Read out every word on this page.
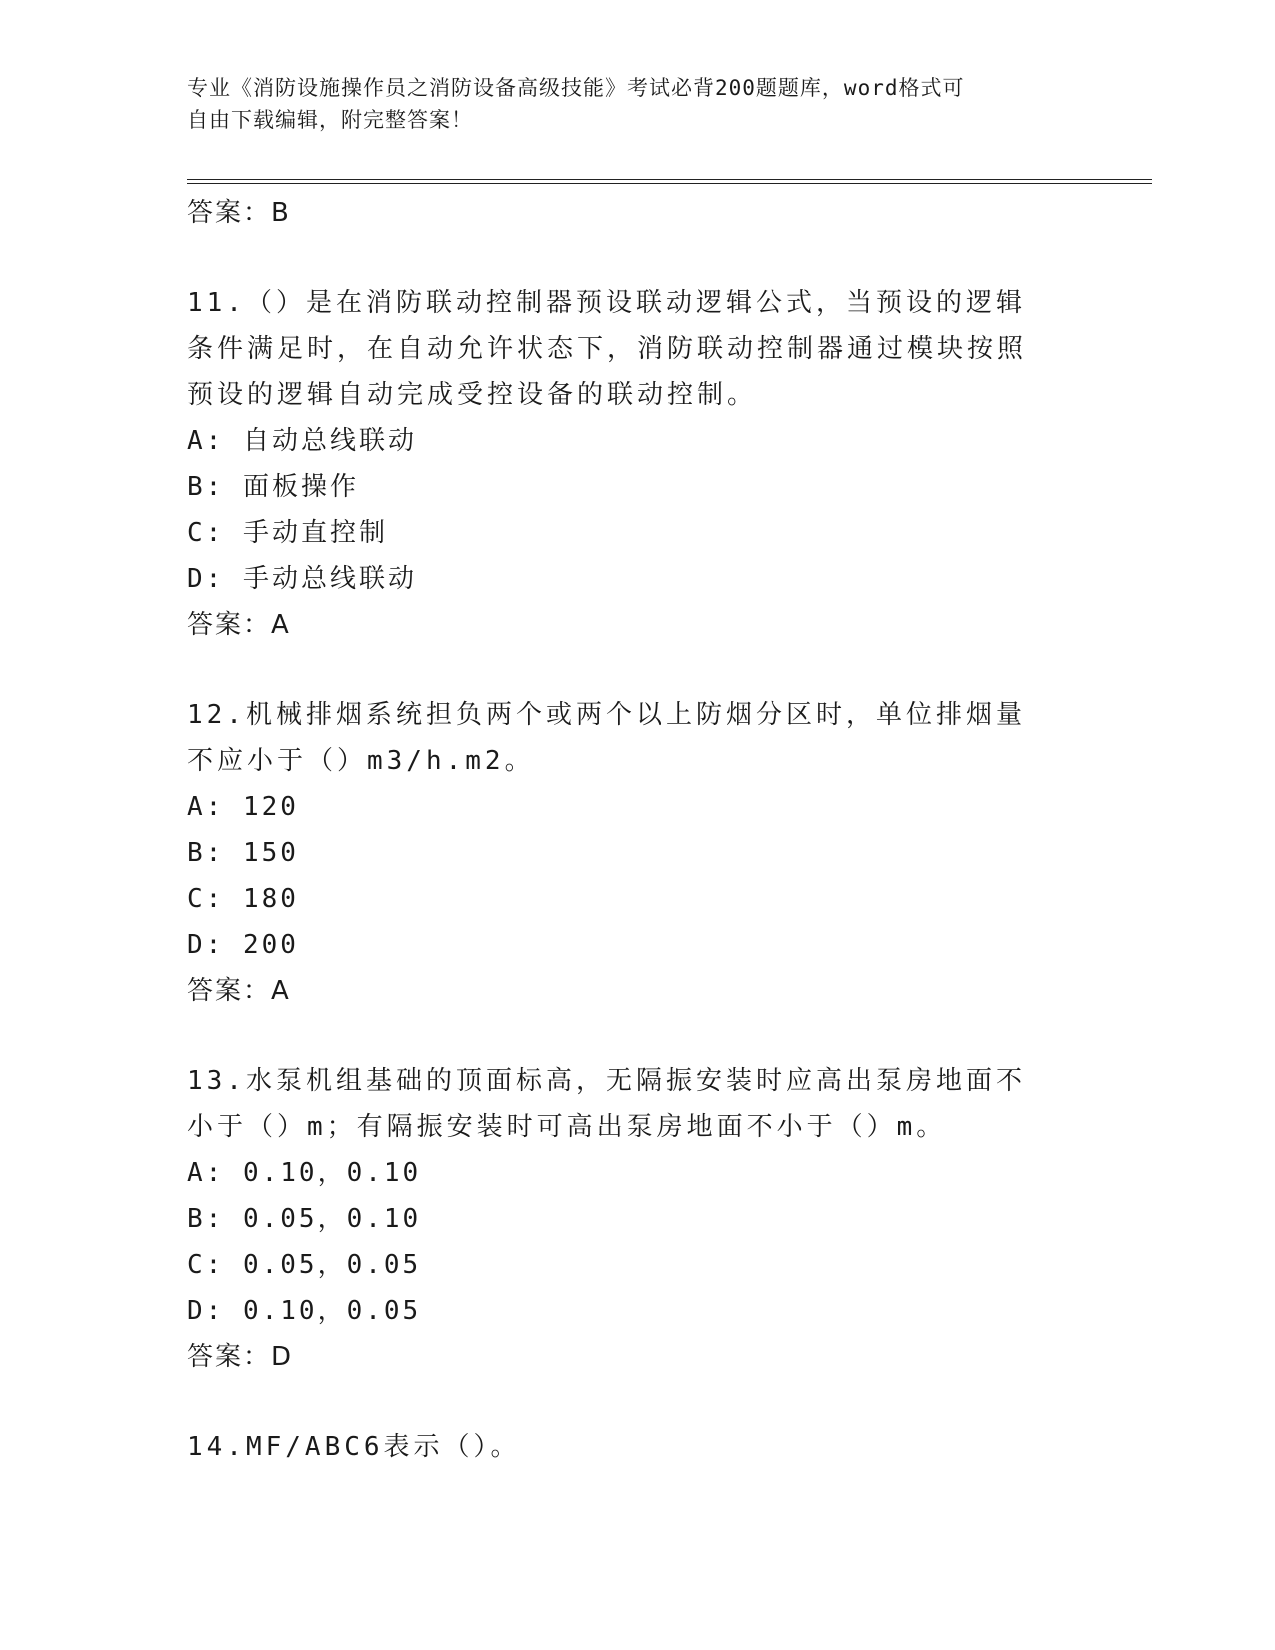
专业《消防设施操作员之消防设备高级技能》考试必背200题题库，word格式可
自由下载编辑，附完整答案！
答案：B
11.（）是在消防联动控制器预设联动逻辑公式，当预设的逻辑条件满足时，在自动允许状态下，消防联动控制器通过模块按照预设的逻辑自动完成受控设备的联动控制。
A: 自动总线联动
B: 面板操作
C: 手动直控制
D: 手动总线联动
答案：A
12.机械排烟系统担负两个或两个以上防烟分区时，单位排烟量不应小于（）m3/h.m2。
A: 120
B: 150
C: 180
D: 200
答案：A
13.水泵机组基础的顶面标高，无隔振安装时应高出泵房地面不小于（）m；有隔振安装时可高出泵房地面不小于（）m。
A: 0.10，0.10
B: 0.05，0.10
C: 0.05，0.05
D: 0.10，0.05
答案：D
14.MF/ABC6表示（）。
